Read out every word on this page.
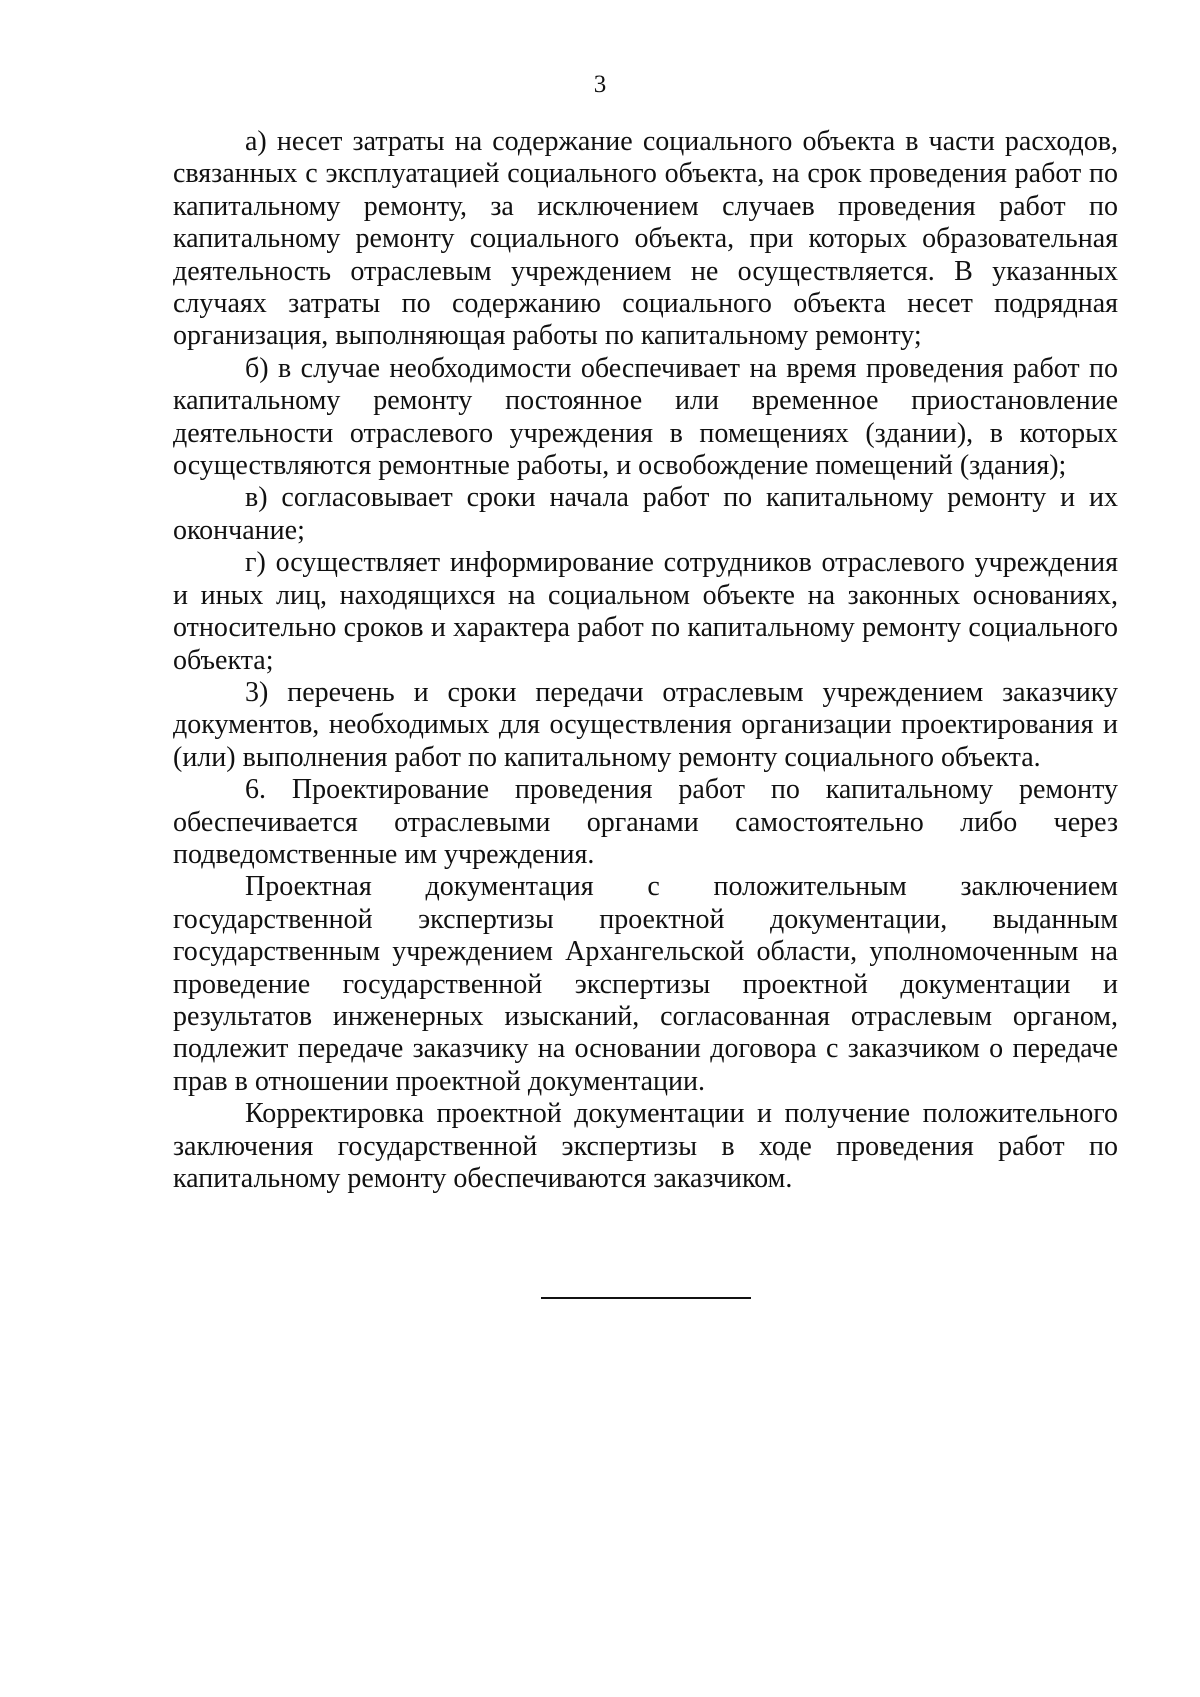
3

а) несет затраты на содержание социального объекта в части расходов, связанных с эксплуатацией социального объекта, на срок проведения работ по капитальному ремонту, за исключением случаев проведения работ по капитальному ремонту социального объекта, при которых образовательная деятельность отраслевым учреждением не осуществляется. В указанных случаях затраты по содержанию социального объекта несет подрядная организация, выполняющая работы по капитальному ремонту;

б) в случае необходимости обеспечивает на время проведения работ по капитальному ремонту постоянное или временное приостановление деятельности отраслевого учреждения в помещениях (здании), в которых осуществляются ремонтные работы, и освобождение помещений (здания);

в) согласовывает сроки начала работ по капитальному ремонту и их окончание;

г) осуществляет информирование сотрудников отраслевого учреждения и иных лиц, находящихся на социальном объекте на законных основаниях, относительно сроков и характера работ по капитальному ремонту социального объекта;

3) перечень и сроки передачи отраслевым учреждением заказчику документов, необходимых для осуществления организации проектирования и (или) выполнения работ по капитальному ремонту социального объекта.

6. Проектирование проведения работ по капитальному ремонту обеспечивается отраслевыми органами самостоятельно либо через подведомственные им учреждения.

Проектная документация с положительным заключением государственной экспертизы проектной документации, выданным государственным учреждением Архангельской области, уполномоченным на проведение государственной экспертизы проектной документации и результатов инженерных изысканий, согласованная отраслевым органом, подлежит передаче заказчику на основании договора с заказчиком о передаче прав в отношении проектной документации.

Корректировка проектной документации и получение положительного заключения государственной экспертизы в ходе проведения работ по капитальному ремонту обеспечиваются заказчиком.
